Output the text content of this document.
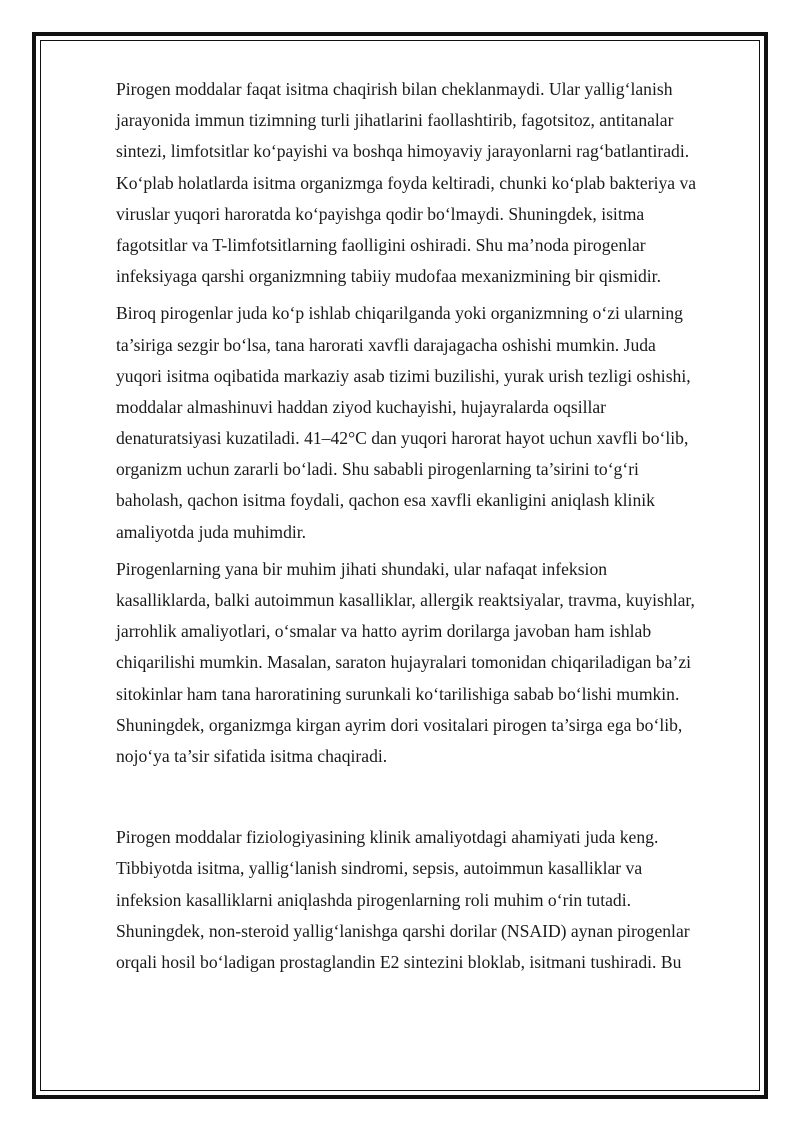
Pirogen moddalar faqat isitma chaqirish bilan cheklanmaydi. Ular yallig‘lanish
jarayonida immun tizimning turli jihatlarini faollashtirib, fagotsitoz, antitanalar
sintezi, limfotsitlar ko‘payishi va boshqa himoyaviy jarayonlarni rag‘batlantiradi.
Ko‘plab holatlarda isitma organizmga foyda keltiradi, chunki ko‘plab bakteriya va
viruslar yuqori haroratda ko‘payishga qodir bo‘lmaydi. Shuningdek, isitma
fagotsitlar va T-limfotsitlarning faolligini oshiradi. Shu ma’noda pirogenlar
infeksiyaga qarshi organizmning tabiiy mudofaa mexanizmining bir qismidir.
Biroq pirogenlar juda ko‘p ishlab chiqarilganda yoki organizmning o‘zi ularning
ta’siriga sezgir bo‘lsa, tana harorati xavfli darajagacha oshishi mumkin. Juda
yuqori isitma oqibatida markaziy asab tizimi buzilishi, yurak urish tezligi oshishi,
moddalar almashinuvi haddan ziyod kuchayishi, hujayralarda oqsillar
denaturatsiyasi kuzatiladi. 41–42°C dan yuqori harorat hayot uchun xavfli bo‘lib,
organizm uchun zararli bo‘ladi. Shu sababli pirogenlarning ta’sirini to‘g‘ri
baholash, qachon isitma foydali, qachon esa xavfli ekanligini aniqlash klinik
amaliyotda juda muhimdir.
Pirogenlarning yana bir muhim jihati shundaki, ular nafaqat infeksion
kasalliklarda, balki autoimmun kasalliklar, allergik reaktsiyalar, travma, kuyishlar,
jarrohlik amaliyotlari, o‘smalar va hatto ayrim dorilarga javoban ham ishlab
chiqarilishi mumkin. Masalan, saraton hujayralari tomonidan chiqariladigan ba’zi
sitokinlar ham tana haroratining surunkali ko‘tarilishiga sabab bo‘lishi mumkin.
Shuningdek, organizmga kirgan ayrim dori vositalari pirogen ta’sirga ega bo‘lib,
nojo‘ya ta’sir sifatida isitma chaqiradi.
Pirogen moddalar fiziologiyasining klinik amaliyotdagi ahamiyati juda keng.
Tibbiyotda isitma, yallig‘lanish sindromi, sepsis, autoimmun kasalliklar va
infeksion kasalliklarni aniqlashda pirogenlarning roli muhim o‘rin tutadi.
Shuningdek, non-steroid yallig‘lanishga qarshi dorilar (NSAID) aynan pirogenlar
orqali hosil bo‘ladigan prostaglandin E2 sintezini bloklab, isitmani tushiradi. Bu
